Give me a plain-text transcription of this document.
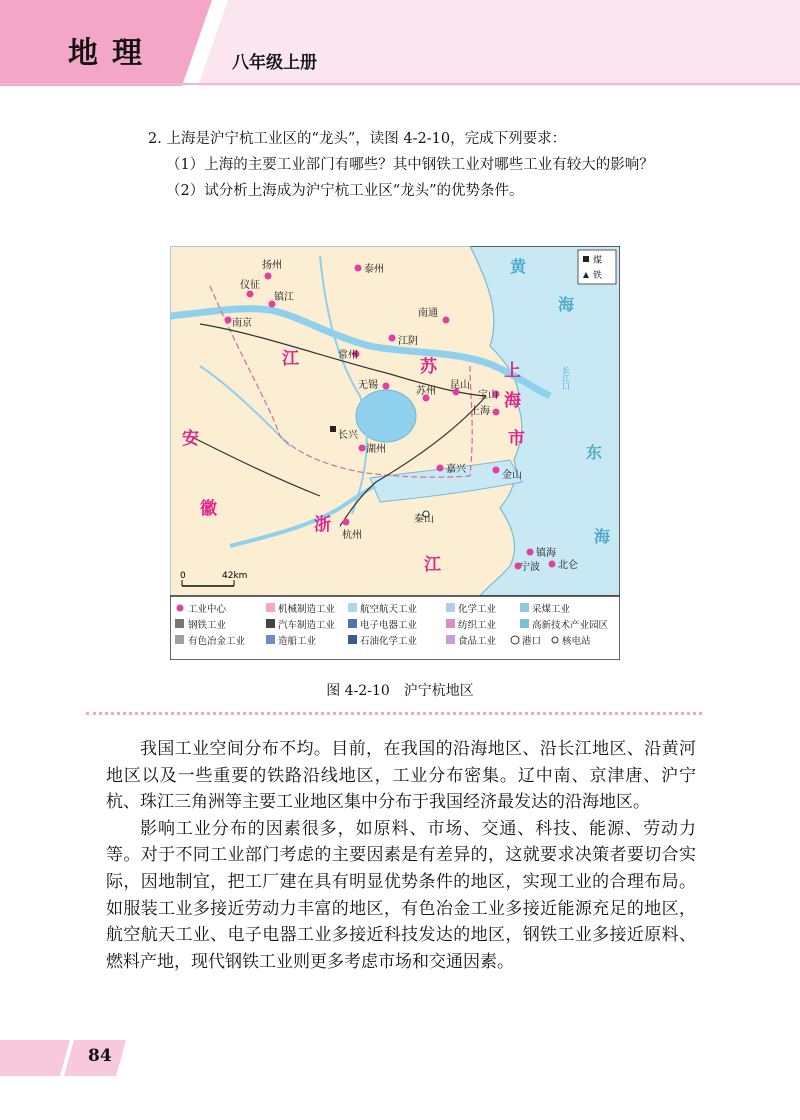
地理	八年级上册

2. 上海是沪宁杭工业区的“龙头”，读图 4-2-10，完成下列要求：

（1）上海的主要工业部门有哪些？其中钢铁工业对哪些工业有较大的影响？

（2）试分析上海成为沪宁杭工业区“龙头”的优势条件。

煤
铁
江	苏
安
徽
浙
江
上
海
市
黄
海
东
海
长江口
扬州	泰州
仪征
镇江
南京
南通
常州
江阴
无锡
苏州
昆山
宝山
上海
长兴
湖州
嘉兴
金山
杭州
镇海
宁波 北仑
秦山
0	42km
工业中心	机械制造工业	航空航天工业	化学工业	采煤工业
钢铁工业	汽车制造工业	电子电器工业	纺织工业	高新技术产业园区
有色冶金工业	造船工业	石油化学工业	食品工业	港口 核电站
图 4-2-10　沪宁杭地区

我国工业空间分布不均。目前，在我国的沿海地区、沿长江地区、沿黄河地区以及一些重要的铁路沿线地区，工业分布密集。辽中南、京津唐、沪宁杭、珠江三角洲等主要工业地区集中分布于我国经济最发达的沿海地区。

影响工业分布的因素很多，如原料、市场、交通、科技、能源、劳动力等。对于不同工业部门考虑的主要因素是有差异的，这就要求决策者要切合实际，因地制宜，把工厂建在具有明显优势条件的地区，实现工业的合理布局。如服装工业多接近劳动力丰富的地区，有色冶金工业多接近能源充足的地区，航空航天工业、电子电器工业多接近科技发达的地区，钢铁工业多接近原料、燃料产地，现代钢铁工业则更多考虑市场和交通因素。

84
